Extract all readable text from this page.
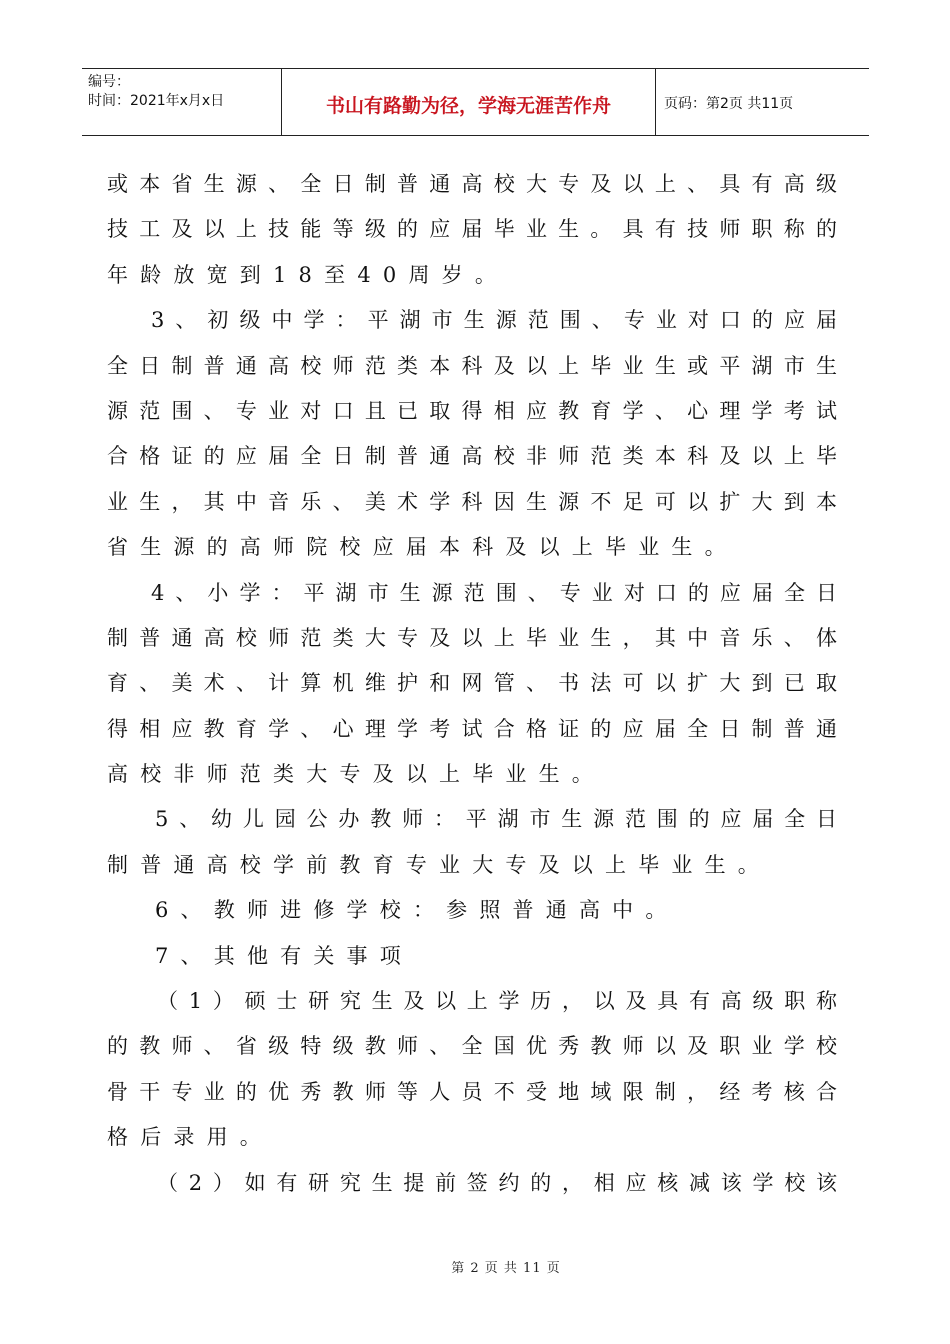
编号：
时间：2021年x月x日	书山有路勤为径，学海无涯苦作舟	页码：第2页 共11页
或本省生源、全日制普通高校大专及以上、具有高级
技工及以上技能等级的应届毕业生。具有技师职称的
年龄放宽到18至40周岁。
3、初级中学：平湖市生源范围、专业对口的应届
全日制普通高校师范类本科及以上毕业生或平湖市生
源范围、专业对口且已取得相应教育学、心理学考试
合格证的应届全日制普通高校非师范类本科及以上毕
业生，其中音乐、美术学科因生源不足可以扩大到本
省生源的高师院校应届本科及以上毕业生。
4、小学：平湖市生源范围、专业对口的应届全日
制普通高校师范类大专及以上毕业生，其中音乐、体
育、美术、计算机维护和网管、书法可以扩大到已取
得相应教育学、心理学考试合格证的应届全日制普通
高校非师范类大专及以上毕业生。
5、幼儿园公办教师：平湖市生源范围的应届全日
制普通高校学前教育专业大专及以上毕业生。
6、教师进修学校：参照普通高中。
7、其他有关事项
（1）硕士研究生及以上学历，以及具有高级职称
的教师、省级特级教师、全国优秀教师以及职业学校
骨干专业的优秀教师等人员不受地域限制，经考核合
格后录用。
（2）如有研究生提前签约的，相应核减该学校该
第 2 页 共 11 页
